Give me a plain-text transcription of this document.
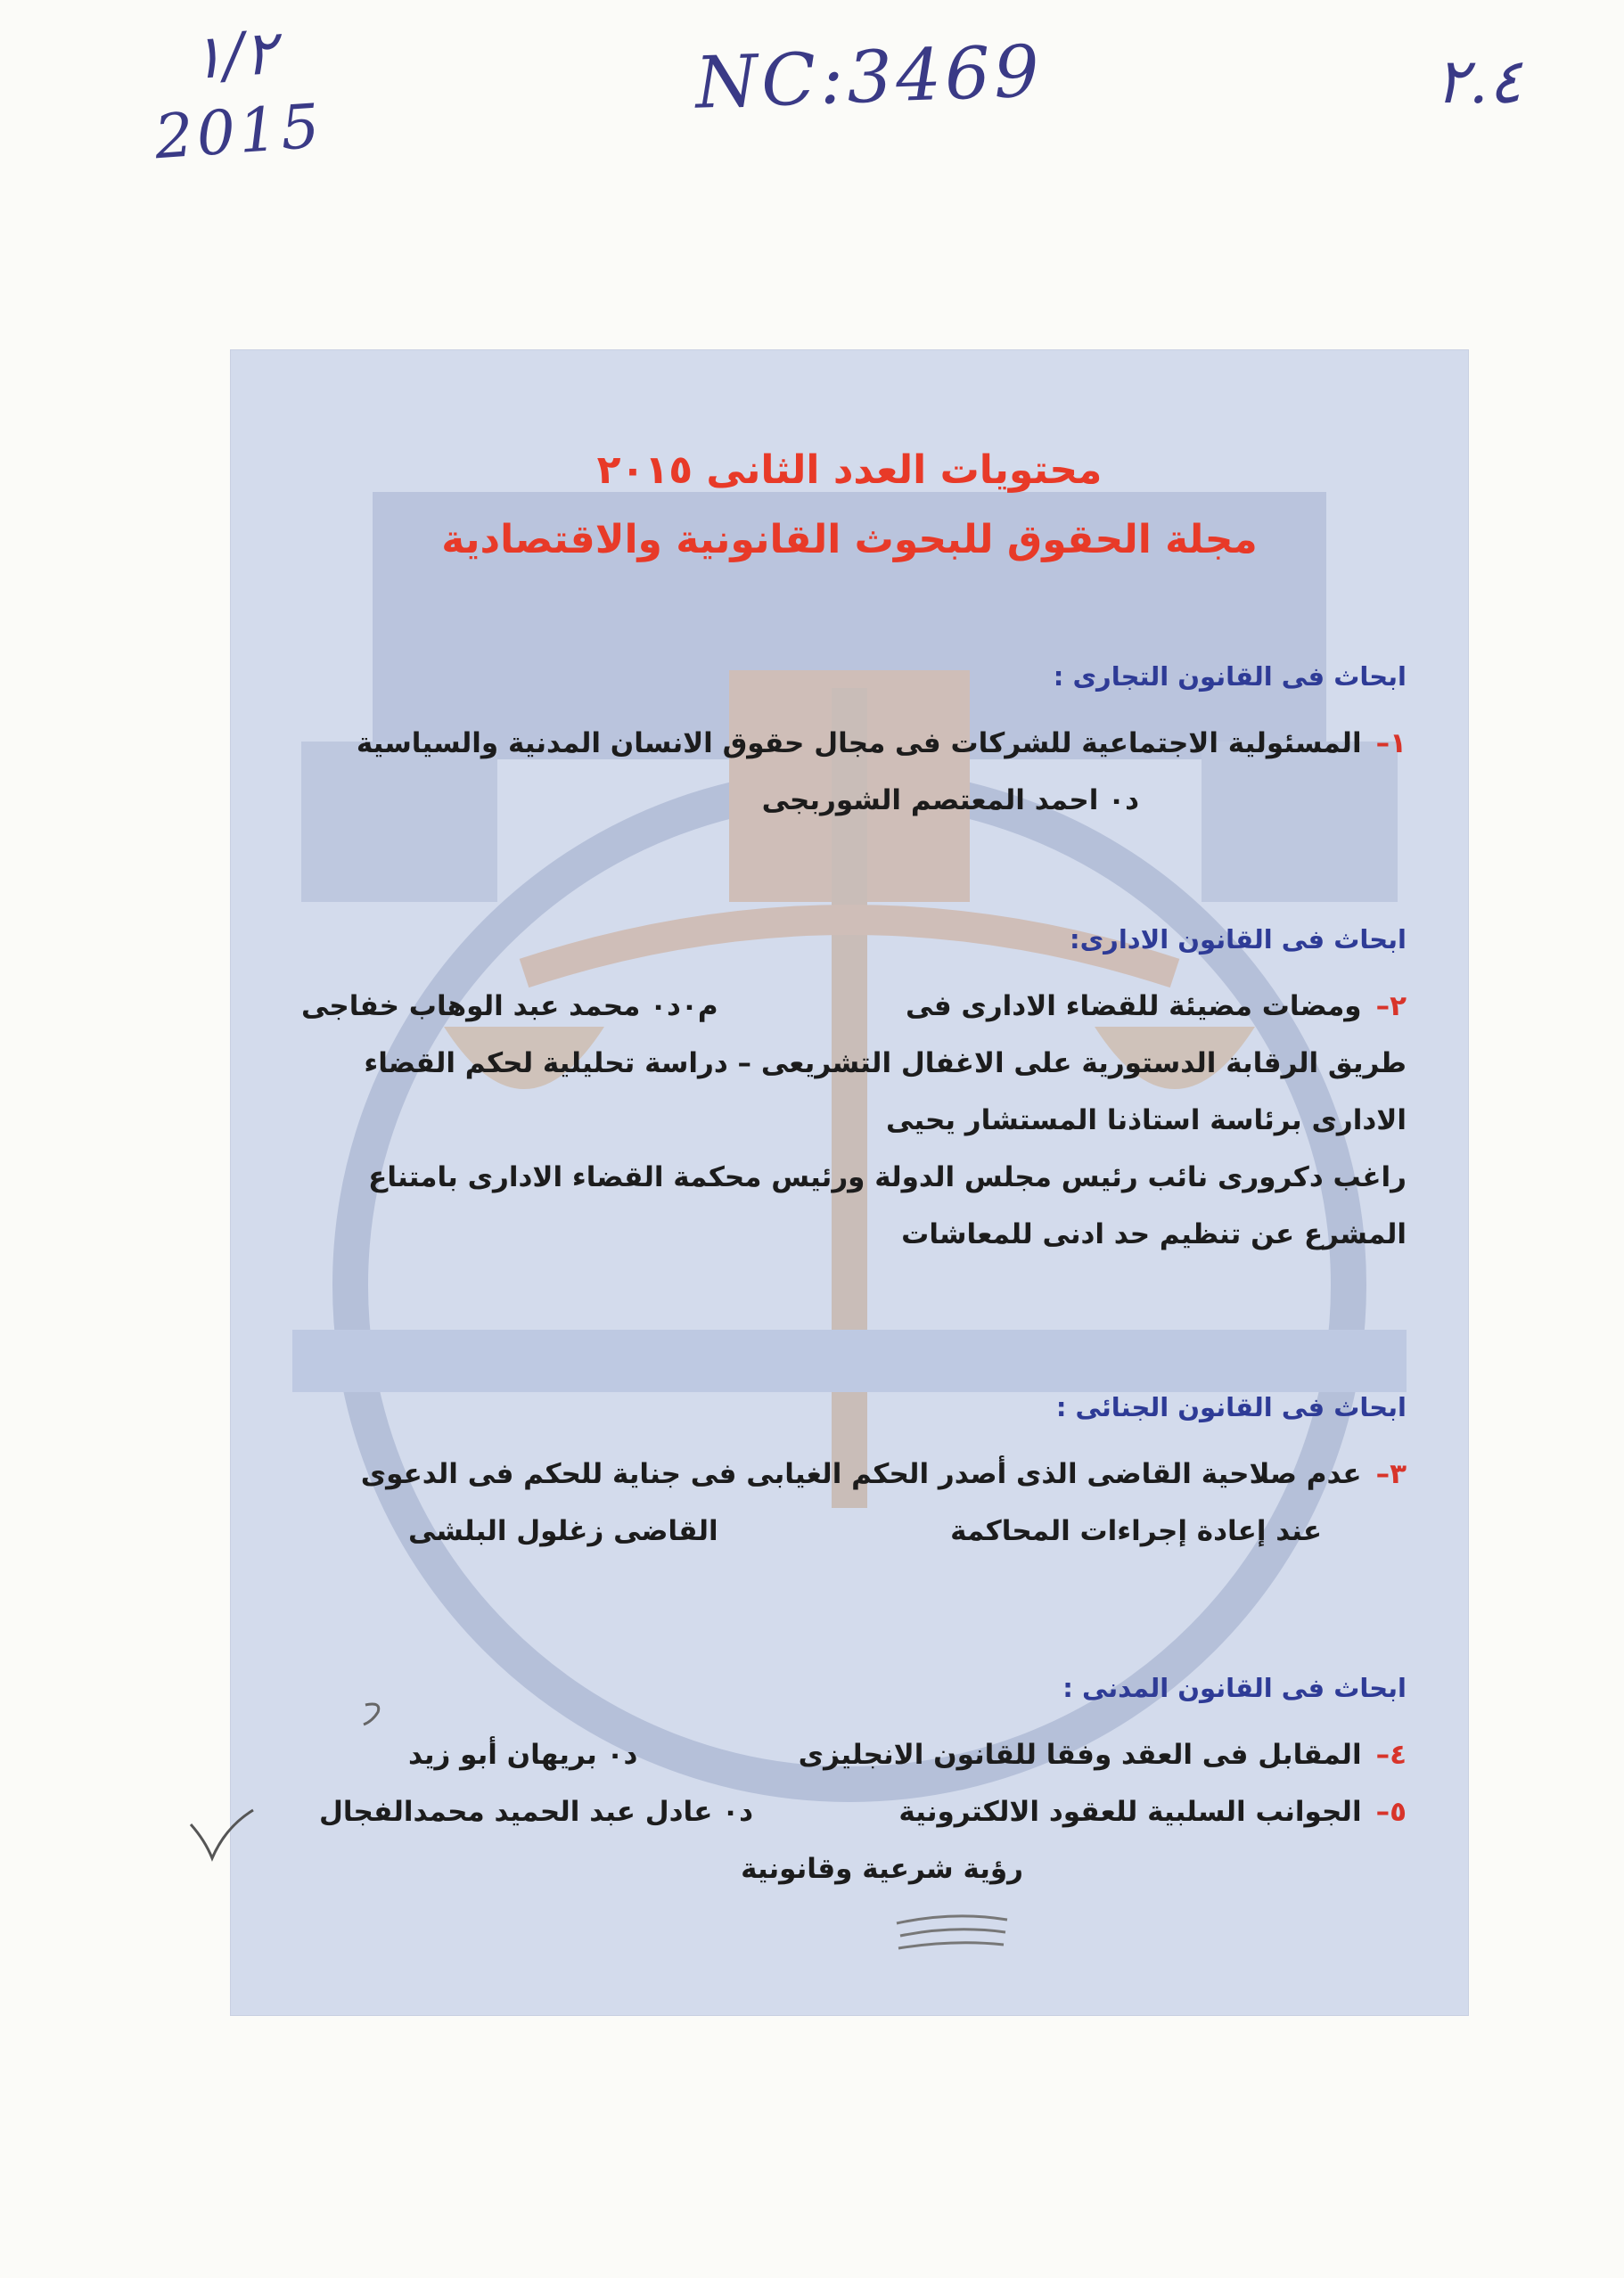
١/٢
2015
NC:3469	٢.٤
محتويات العدد الثانى ٢٠١٥
مجلة الحقوق للبحوث القانونية والاقتصادية
ابحاث فى القانون التجارى :
١–المسئولية الاجتماعية للشركات فى مجال حقوق الانسان المدنية والسياسية
د٠ احمد المعتصم الشوربجى
ابحاث فى القانون الادارى:
٢–ومضات مضيئة للقضاء الادارى فى
م٠د٠ محمد عبد الوهاب خفاجى
طريق الرقابة الدستورية على الاغفال التشريعى – دراسة تحليلية لحكم القضاء
الادارى برئاسة استاذنا المستشار يحيى
راغب دكرورى نائب رئيس مجلس الدولة ورئيس محكمة القضاء الادارى بامتناع
المشرع عن تنظيم حد ادنى للمعاشات
ابحاث فى القانون الجنائى :
٣–عدم صلاحية القاضى الذى أصدر الحكم الغيابى فى جناية للحكم فى الدعوى
عند إعادة إجراءات المحاكمة
القاضى زغلول البلشى
ابحاث فى القانون المدنى :
٤–المقابل فى العقد وفقا للقانون الانجليزى
د٠ بريهان أبو زيد
٥–الجوانب السلبية للعقود الالكترونية
د٠ عادل عبد الحميد محمدالفجال
رؤية شرعية وقانونية
